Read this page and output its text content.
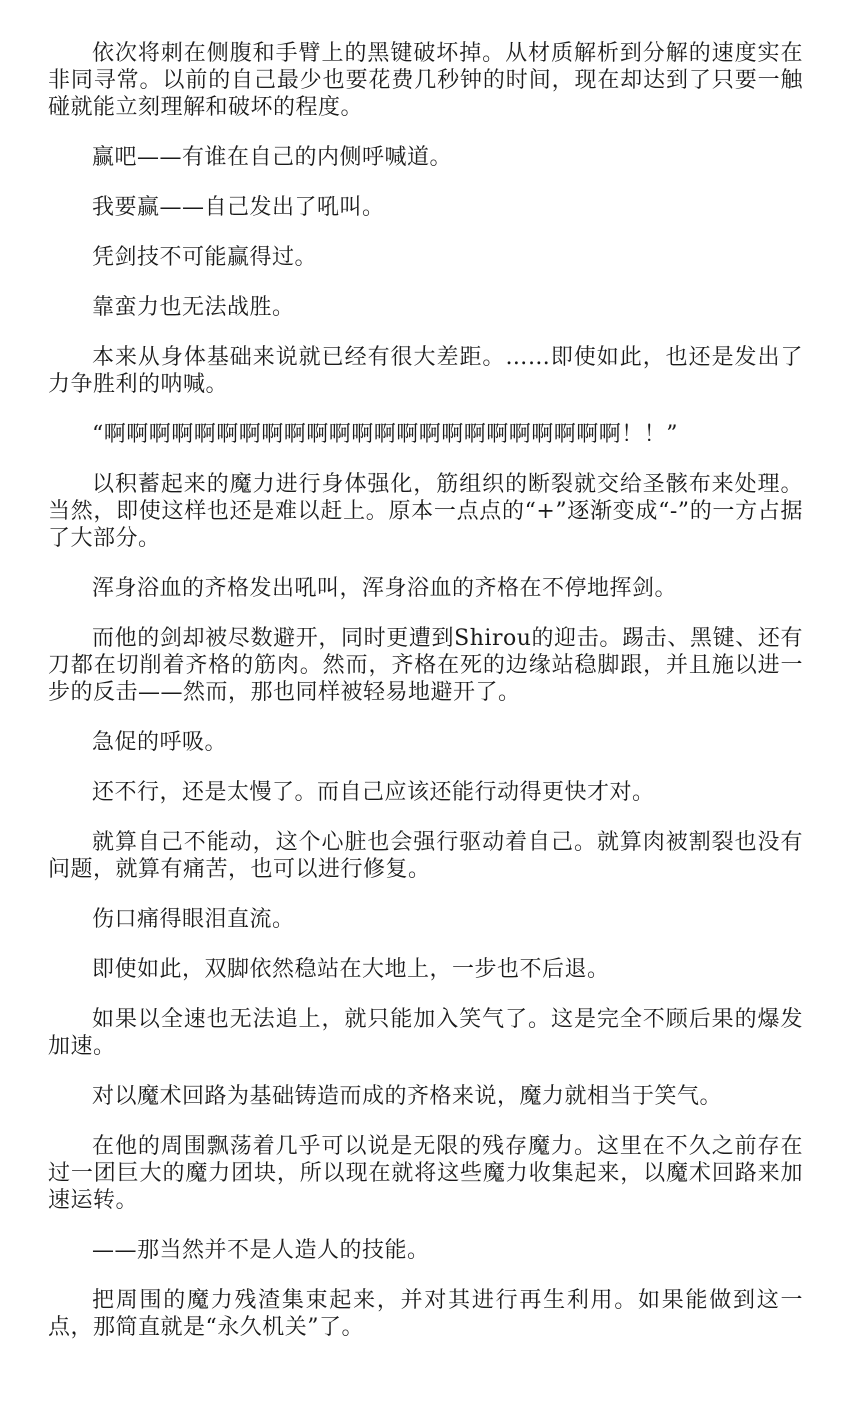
依次将刺在侧腹和手臂上的黑键破坏掉。从材质解析到分解的速度实在非同寻常。以前的自己最少也要花费几秒钟的时间，现在却达到了只要一触碰就能立刻理解和破坏的程度。

赢吧——有谁在自己的内侧呼喊道。

我要赢——自己发出了吼叫。

凭剑技不可能赢得过。

靠蛮力也无法战胜。

本来从身体基础来说就已经有很大差距。……即使如此，也还是发出了力争胜利的呐喊。

“啊啊啊啊啊啊啊啊啊啊啊啊啊啊啊啊啊啊啊啊啊啊啊！！”

以积蓄起来的魔力进行身体强化，筋组织的断裂就交给圣骸布来处理。当然，即使这样也还是难以赶上。原本一点点的“+”逐渐变成“-”的一方占据了大部分。

浑身浴血的齐格发出吼叫，浑身浴血的齐格在不停地挥剑。

而他的剑却被尽数避开，同时更遭到Shirou的迎击。踢击、黑键、还有刀都在切削着齐格的筋肉。然而，齐格在死的边缘站稳脚跟，并且施以进一步的反击——然而，那也同样被轻易地避开了。

急促的呼吸。

还不行，还是太慢了。而自己应该还能行动得更快才对。

就算自己不能动，这个心脏也会强行驱动着自己。就算肉被割裂也没有问题，就算有痛苦，也可以进行修复。

伤口痛得眼泪直流。

即使如此，双脚依然稳站在大地上，一步也不后退。

如果以全速也无法追上，就只能加入笑气了。这是完全不顾后果的爆发加速。

对以魔术回路为基础铸造而成的齐格来说，魔力就相当于笑气。

在他的周围飘荡着几乎可以说是无限的残存魔力。这里在不久之前存在过一团巨大的魔力团块，所以现在就将这些魔力收集起来，以魔术回路来加速运转。

——那当然并不是人造人的技能。

把周围的魔力残渣集束起来，并对其进行再生利用。如果能做到这一点，那简直就是“永久机关”了。
